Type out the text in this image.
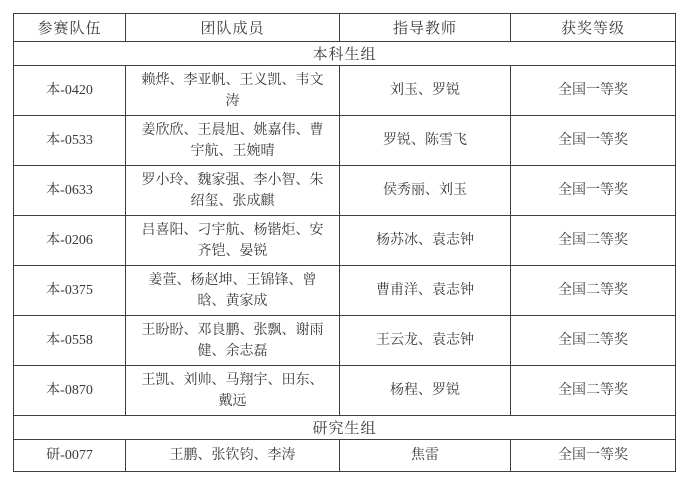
参赛队伍	团队成员	指导教师	获奖等级
本科生组			
本-0420	赖烨、李亚帆、王义凯、韦文涛	刘玉、罗锐	全国一等奖
本-0533	姜欣欣、王晨旭、姚嘉伟、曹宇航、王婉晴	罗锐、陈雪飞	全国一等奖
本-0633	罗小玲、魏家强、李小智、朱绍玺、张成麒	侯秀丽、刘玉	全国一等奖
本-0206	吕喜阳、刁宇航、杨锴炬、安齐铠、晏锐	杨苏冰、袁志钟	全国二等奖
本-0375	姜萱、杨赵坤、王锦锋、曾晗、黄家成	曹甫洋、袁志钟	全国二等奖
本-0558	王盼盼、邓良鹏、张飘、谢雨健、余志磊	王云龙、袁志钟	全国二等奖
本-0870	王凯、刘帅、马翔宇、田东、戴远	杨程、罗锐	全国二等奖
研究生组			
研-0077	王鹏、张钦钧、李涛	焦雷	全国一等奖
